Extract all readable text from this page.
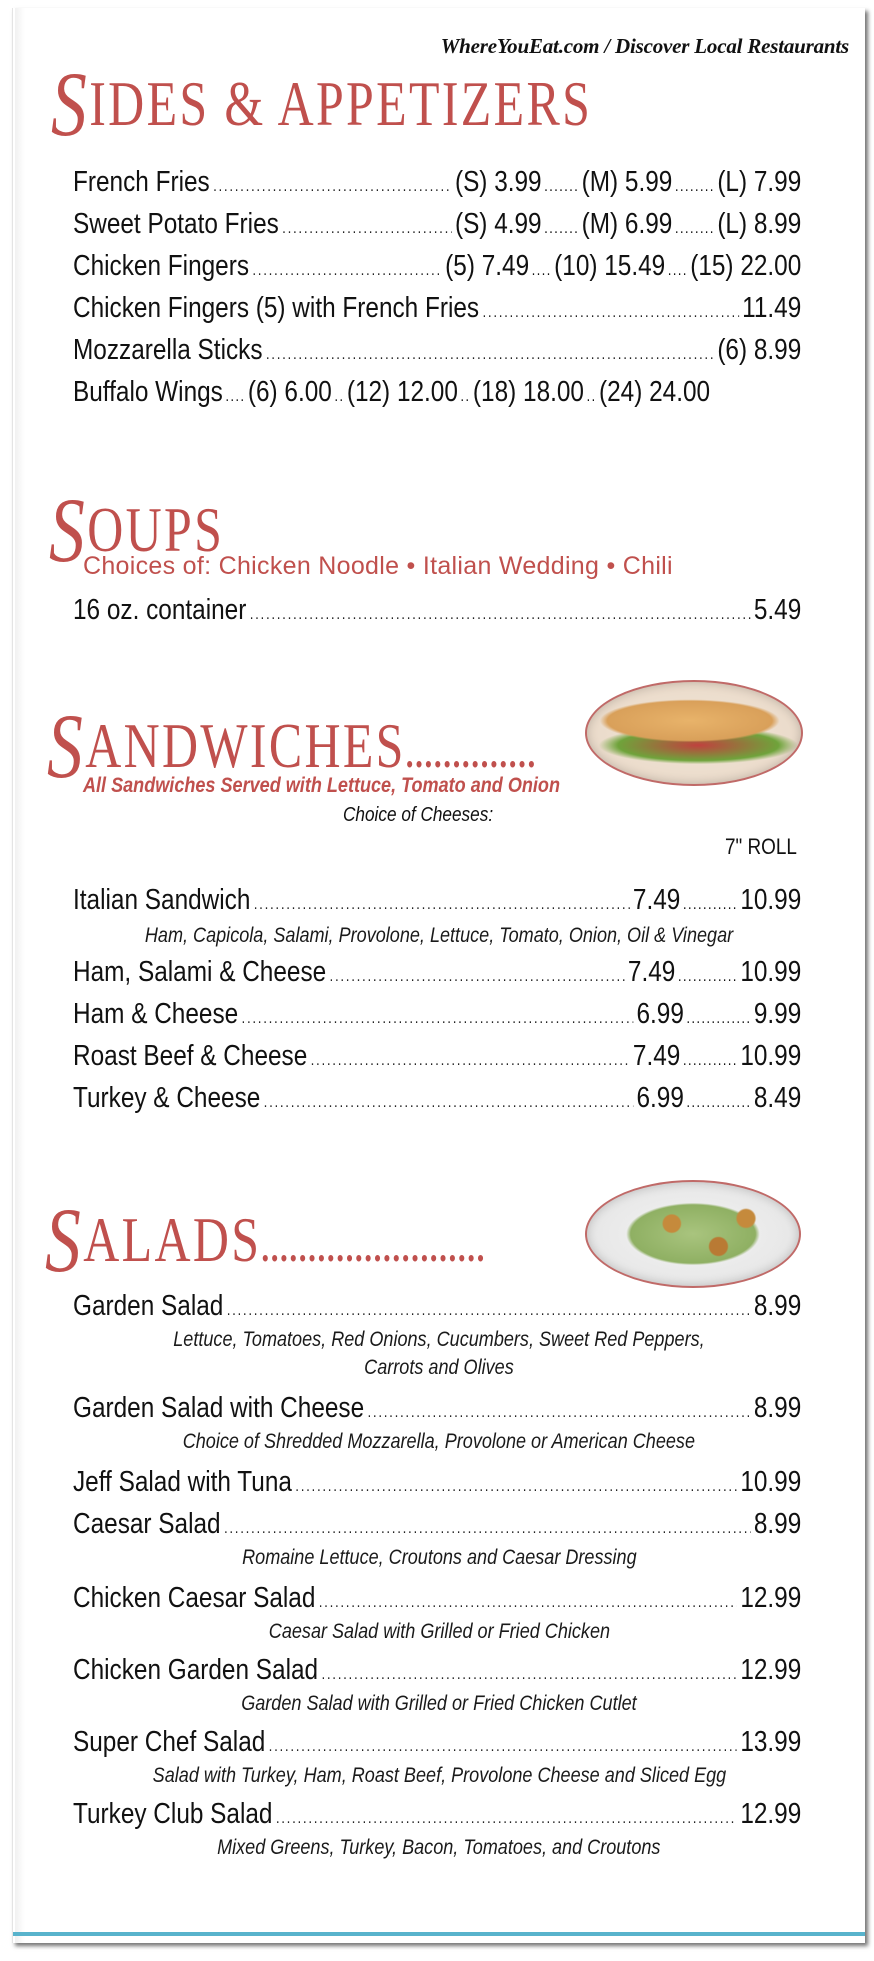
WhereYouEat.com / Discover Local Restaurants
SIDES & APPETIZERS
French Fries .....	(S) 3.99 ....... (M) 5.99 ........ (L) 7.99
Sweet Potato Fries .....	(S) 4.99 ....... (M) 6.99 ........ (L) 8.99
Chicken Fingers .....	(5) 7.49 .... (10) 15.49 .... (15) 22.00
Chicken Fingers (5) with French Fries .....	11.49
Mozzarella Sticks .....	(6) 8.99
Buffalo Wings .... (6) 6.00 .. (12) 12.00 .. (18) 18.00 .. (24) 24.00
SOUPS
Choices of: Chicken Noodle • Italian Wedding • Chili
16 oz. container .....	5.49
SANDWICHES..............
All Sandwiches Served with Lettuce, Tomato and Onion
Choice of Cheeses:
7" ROLL
Italian Sandwich .....	7.49 ........... 10.99
Ham, Capicola, Salami, Provolone, Lettuce, Tomato, Onion, Oil & Vinegar
Ham, Salami & Cheese .....	7.49 ............ 10.99
Ham & Cheese .....	6.99 ............. 9.99
Roast Beef & Cheese .....	7.49 ........... 10.99
Turkey & Cheese .....	6.99 ............. 8.49
SALADS........................
Garden Salad .....	8.99
Lettuce, Tomatoes, Red Onions, Cucumbers, Sweet Red Peppers,
Carrots and Olives
Garden Salad with Cheese .....	8.99
Choice of Shredded Mozzarella, Provolone or American Cheese
Jeff Salad with Tuna .....	10.99
Caesar Salad .....	8.99
Romaine Lettuce, Croutons and Caesar Dressing
Chicken Caesar Salad .....	12.99
Caesar Salad with Grilled or Fried Chicken
Chicken Garden Salad .....	12.99
Garden Salad with Grilled or Fried Chicken Cutlet
Super Chef Salad .....	13.99
Salad with Turkey, Ham, Roast Beef, Provolone Cheese and Sliced Egg
Turkey Club Salad .....	12.99
Mixed Greens, Turkey, Bacon, Tomatoes, and Croutons
